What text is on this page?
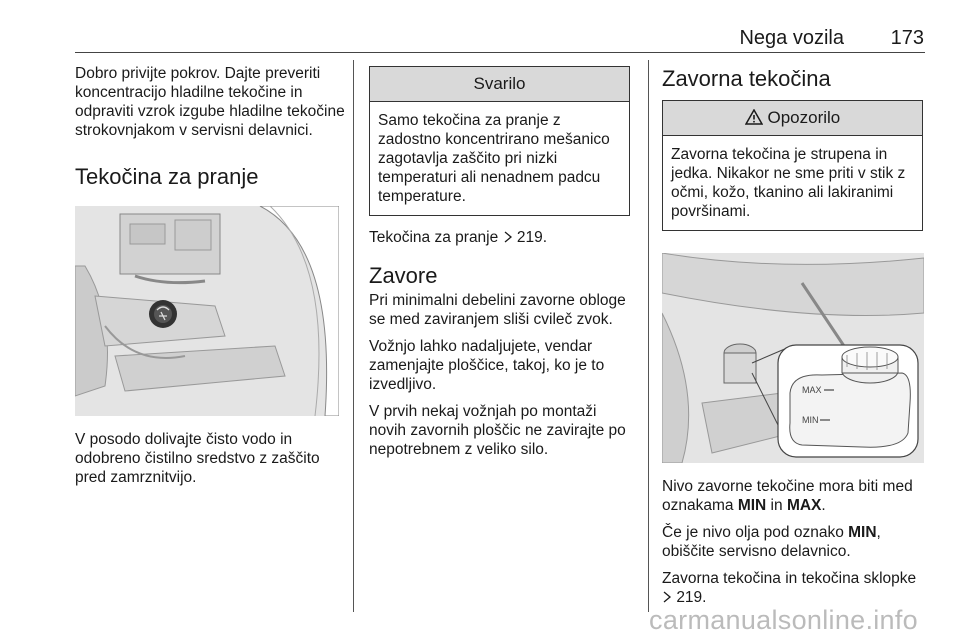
Nega vozila 173

Dobro privijte pokrov. Dajte preveriti koncentracijo hladilne tekočine in odpraviti vzrok izgube hladilne tekočine strokovnjakom v servisni delavnici.

Tekočina za pranje

V posodo dolivajte čisto vodo in odobreno čistilno sredstvo z zaščito pred zamrznitvijo.

Svarilo
Samo tekočina za pranje z zadostno koncentrirano mešanico zagotavlja zaščito pri nizki temperaturi ali nenadnem padcu temperature.

Tekočina za pranje 219.

Zavore

Pri minimalni debelini zavorne obloge se med zaviranjem sliši cvileč zvok.

Vožnjo lahko nadaljujete, vendar zamenjajte ploščice, takoj, ko je to izvedljivo.

V prvih nekaj vožnjah po montaži novih zavornih ploščic ne zavirajte po nepotrebnem z veliko silo.

Zavorna tekočina
Opozorilo
Zavorna tekočina je strupena in jedka. Nikakor ne sme priti v stik z očmi, kožo, tkanino ali lakiranimi površinami.
MAX
MIN

Nivo zavorne tekočine mora biti med oznakama MIN in MAX.

Če je nivo olja pod oznako MIN, obiščite servisno delavnico.

Zavorna tekočina in tekočina sklopke
219.

carmanualsonline.info
